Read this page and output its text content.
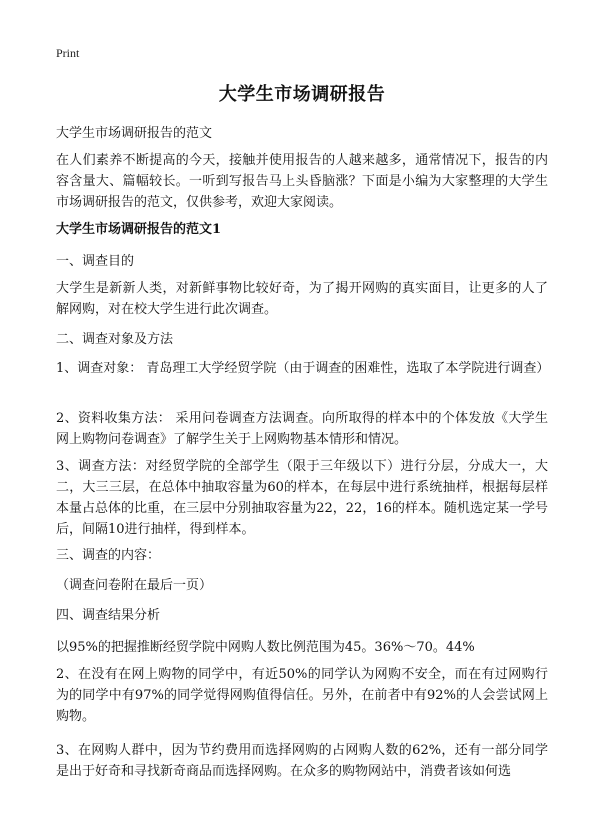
Print
大学生市场调研报告
大学生市场调研报告的范文
在人们素养不断提高的今天，接触并使用报告的人越来越多，通常情况下，报告的内容含量大、篇幅较长。一听到写报告马上头昏脑涨？下面是小编为大家整理的大学生市场调研报告的范文，仅供参考，欢迎大家阅读。
大学生市场调研报告的范文1
一、调查目的
大学生是新新人类，对新鲜事物比较好奇，为了揭开网购的真实面目，让更多的人了解网购，对在校大学生进行此次调查。
二、调查对象及方法
1、调查对象： 青岛理工大学经贸学院（由于调查的困难性，选取了本学院进行调查）
2、资料收集方法： 采用问卷调查方法调查。向所取得的样本中的个体发放《大学生网上购物问卷调查》了解学生关于上网购物基本情形和情况。
3、调查方法：对经贸学院的全部学生（限于三年级以下）进行分层，分成大一，大二，大三三层，在总体中抽取容量为60的样本，在每层中进行系统抽样，根据每层样本量占总体的比重，在三层中分别抽取容量为22，22，16的样本。随机选定某一学号后，间隔10进行抽样，得到样本。
三、调查的内容：
（调查问卷附在最后一页）
四、调查结果分析
以95%的把握推断经贸学院中网购人数比例范围为45。36%～70。44%
2、在没有在网上购物的同学中，有近50%的同学认为网购不安全，而在有过网购行为的同学中有97%的同学觉得网购值得信任。另外，在前者中有92%的人会尝试网上购物。
3、在网购人群中，因为节约费用而选择网购的占网购人数的62%，还有一部分同学是出于好奇和寻找新奇商品而选择网购。在众多的购物网站中，消费者该如何选
